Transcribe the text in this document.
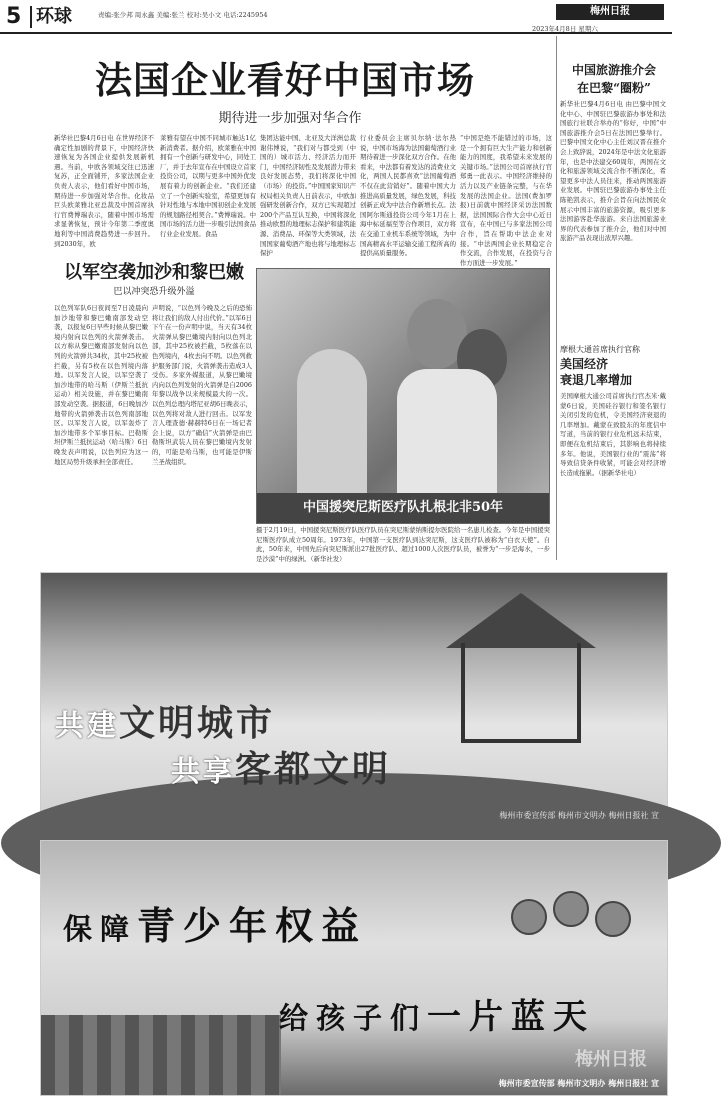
5 环球	责编:张少邦 周永鑫 美编:张兰 校对:吴小文 电话:2245954	梅州日报
2023年4月8日 星期六
法国企业看好中国市场
期待进一步加强对华合作
新华社巴黎4月6日电 在世界经济不确定性加剧的背景下，中国经济快速恢复为各国企业提供发展新机遇。当前，中欧各领域交往已迅速复苏，正全面铺开，多家法国企业负责人表示，他们看好中国市场，期待进一步加强对华合作。化妆品巨头欧莱雅北亚总裁及中国首席执行官费博瑞表示，随着中国市场需求显著恢复，预计今年第二季度奥地利等中国消费趋势进一步回升。到2030年，欧
莱雅有望在中国不同城市触达1亿新消费者。据介绍，欧莱雅在中国拥有一个创新与研发中心，同处工厂，并于去年宣布在中国设立首家投资公司，以期与更多中国外优发展有着力的创新企业。“我们还建立了一个创新实验室，希望更加有针对性地与本地中国初创企业发展的规划路径相契合。”费博瑞说。中国市场的活力进一步吸引法国食品行业企业发展。食品
集团达能中国、北亚及大洋洲总裁谢伟博说，“我们对与都受到（中国的）城市活力、经济活力而开门，中国经济韧性及发展潜力带来良好发展态势，我们将深化中国（市场）的投资。”中国国家知识产权局相关负责人日前表示，中欧加强研发创新合作，双方已实现超过200个产品互认互换，中国将深化推动欧盟的地理标志保护和建筑能源、消费品、环保等大类领域，法国国家葡萄酒产地也将与地理标志保护
行业委员会主席贝尔纳·法尔热说，中国市场海为法国葡萄酒行业期待着进一步深化双方合作。在他看来，中法都有着发达的消费业文化，两国人民都喜欢“法国葡萄酒不仅在此营销好”。随着中国大力推进高质量发展，绿色发展，科技创新正成为中法合作新增长点。法国阿尔斯通投资公司今年1月在上海中标延福至等合作项目，双方将在交通工业机车系统等领域，为中国高精高水平运输交通工程所高的提供高质量服务。
“中国是绝不能错过的市场，这是一个拥有巨大生产能力和创新能力的国度，我希望未来发展的关键市场。”法国公司首席执行官郑勇一此表示。中国经济维持的活力以及产业链条完整，与在华发展的法国企业。法国(费加罗报)日前就中国经济采访法国数据，法国国际合作大会中心近日宣布，在中国已与多家法国公司合作，旨在帮助中法企业对接。“中法两国企业长期稳定合作交流，合作发展，在投资与合作方面进一步发展。”
以军空袭加沙和黎巴嫩
巴以冲突恐升级外溢
以色列军队6日夜间至7日凌晨向加沙地带和黎巴嫩南部发动空袭，以报复6日早些时候从黎巴嫩境内射向以色列的火箭弹袭击。以方称从黎巴嫩南部发射向以色列的火箭弹共34枚，其中25枚被拦截，另有5枚在以色列境内落地。以军发言人说，以军空袭了加沙地带的哈马斯（伊斯兰抵抗运动）相关设施，并在黎巴嫩南部发动空袭。据报道，6日晚加沙地带的火箭弹袭击以色列南部地区。以军发言人说，以军轰炸了加沙地带多个军事目标。巴勒斯坦伊斯兰抵抗运动（哈马斯）6日晚发表声明说，以色列应为这一地区局势升级承担全部责任。
声明说，“以色列今晚及之后的恐怖将让我们的敌人付出代价。”以军6日下午在一份声明中说，当天有34枚火箭弹从黎巴嫩境内射向以色列北部，其中25枚被拦截，5枚落在以色列境内，4枚去向不明。以色列救护服务部门说，火箭弹袭击造成3人受伤。多家外媒报道，从黎巴嫩境内向以色列发射的火箭弹是自2006年黎以战争以来规模最大的一次。以色列总理内塔尼亚胡6日晚表示，以色列将对敌人进行回击。以军发言人理查德·赫赫特6日在一场记者会上说，以方“确信”火箭弹是由巴勒斯坦武装人员在黎巴嫩境内发射的，可能是哈马斯，也可能是伊斯兰圣战组织。
中国援突尼斯医疗队扎根北非50年
摄于2月19日，中国援突尼斯医疗队医疗队员在突尼斯蒙纳斯提尔医院给一名患儿检查。今年是中国援突尼斯医疗队成立50周年。1973年，中国第一支医疗队到达突尼斯，这支医疗队被称为“白衣天使”。自此，50年来，中国先后向突尼斯派出27批医疗队、超过1000人次医疗队员，被誉为“一步是海水，一步是沙漠”中的绿洲。（新华社发）
中国旅游推介会
在巴黎“圈粉”
新华社巴黎4月6日电 由巴黎中国文化中心、中国驻巴黎旅游办事处和法国旅行社联合举办的“你好，中国”中国旅游推介会5日在法国巴黎举行。巴黎中国文化中心主任刘汉晋在推介会上致辞说，2024年是中法文化旅游年，也是中法建交60周年，两国在文化和旅游领域交流合作不断深化，希望更多中法人员往来，推动两国旅游业发展。中国驻巴黎旅游办事处主任陈艳凯表示，推介会旨在向法国民众展示中国丰富的旅游资源，吸引更多法国游客赴华旅游。来自法国旅游业界的代表参加了推介会，他们对中国旅游产品表现出浓厚兴趣。
摩根大通首席执行官称
美国经济
衰退几率增加
美国摩根大通公司首席执行官杰米·戴蒙6日说，美国硅谷银行和签名银行关闭引发的危机，令美国经济衰退的几率增加。戴蒙在致股东的年度信中写道，当前的银行业危机远未结束，即便在危机结束后，其影响也将持续多年。他说，美国银行业的“震荡”将导致信贷条件收紧，可能会对经济增长造成拖累。（据新华社电）
共建文明城市
共享客都文明
梅州市委宣传部 梅州市文明办 梅州日报社 宣
保障青少年权益
给孩子们一片蓝天
梅州日报
梅州市委宣传部 梅州市文明办 梅州日报社 宣
